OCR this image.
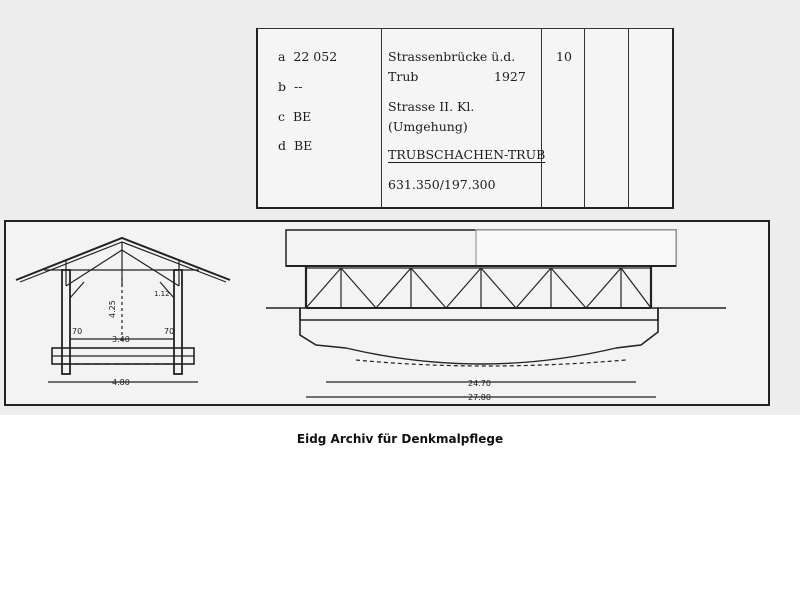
a 22 052
b --
c BE
d BE
Strassenbrücke ü.d.
Trub	1927
Strasse II. Kl.
(Umgehung)
TRUBSCHACHEN-TRUB
631.350/197.300
10
4.25
1.12
70
3.40
70
4.80	24.70
27.80
Eidg Archiv für Denkmalpflege
